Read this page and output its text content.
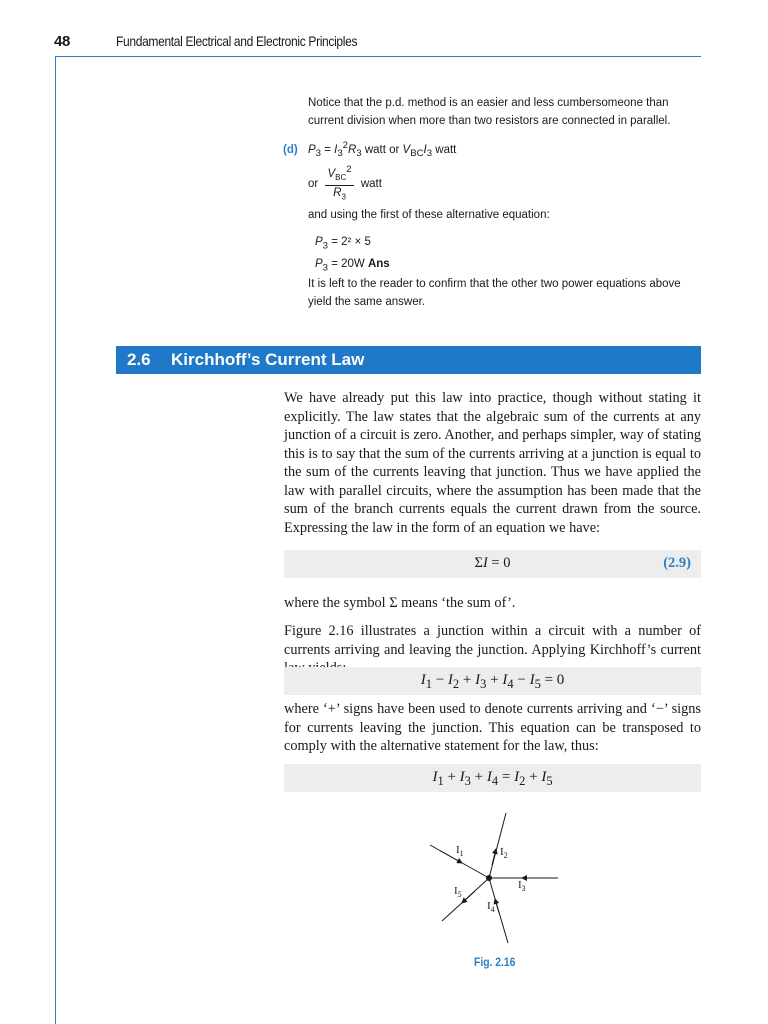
48	Fundamental Electrical and Electronic Principles
Notice that the p.d. method is an easier and less cumbersomeone than current division when more than two resistors are connected in parallel.
(d) $P_3 = I_3^2R_3$ watt or $V_{BC}I_3$ watt
or $\frac{V_{BC}^2}{R_3}$ watt
and using the first of these alternative equation:
$P_3 = 2^2 \times 5$
$P_3 = 20W$ Ans
It is left to the reader to confirm that the other two power equations above yield the same answer.
2.6 Kirchhoff’s Current Law
We have already put this law into practice, though without stating it explicitly. The law states that the algebraic sum of the currents at any junction of a circuit is zero. Another, and perhaps simpler, way of stating this is to say that the sum of the currents arriving at a junction is equal to the sum of the currents leaving that junction. Thus we have applied the law with parallel circuits, where the assumption has been made that the sum of the branch currents equals the current drawn from the source. Expressing the law in the form of an equation we have:
ΣI = 0	(2.9)
where the symbol Σ means ‘the sum of’.
Figure 2.16 illustrates a junction within a circuit with a number of currents arriving and leaving the junction. Applying Kirchhoff’s current
$I_1 - I_2 + I_3 + I_4 - I_5 = 0$
where ‘+’ signs have been used to denote currents arriving and ‘−’ signs for currents leaving the junction. This equation can be transposed to comply with the alternative statement for the law, thus:
$I_1 + I_3 + I_4 = I_2 + I_5$
$I_1$	$I_2$
$I_3$
$I_4$
$I_5$
Fig. 2.16
